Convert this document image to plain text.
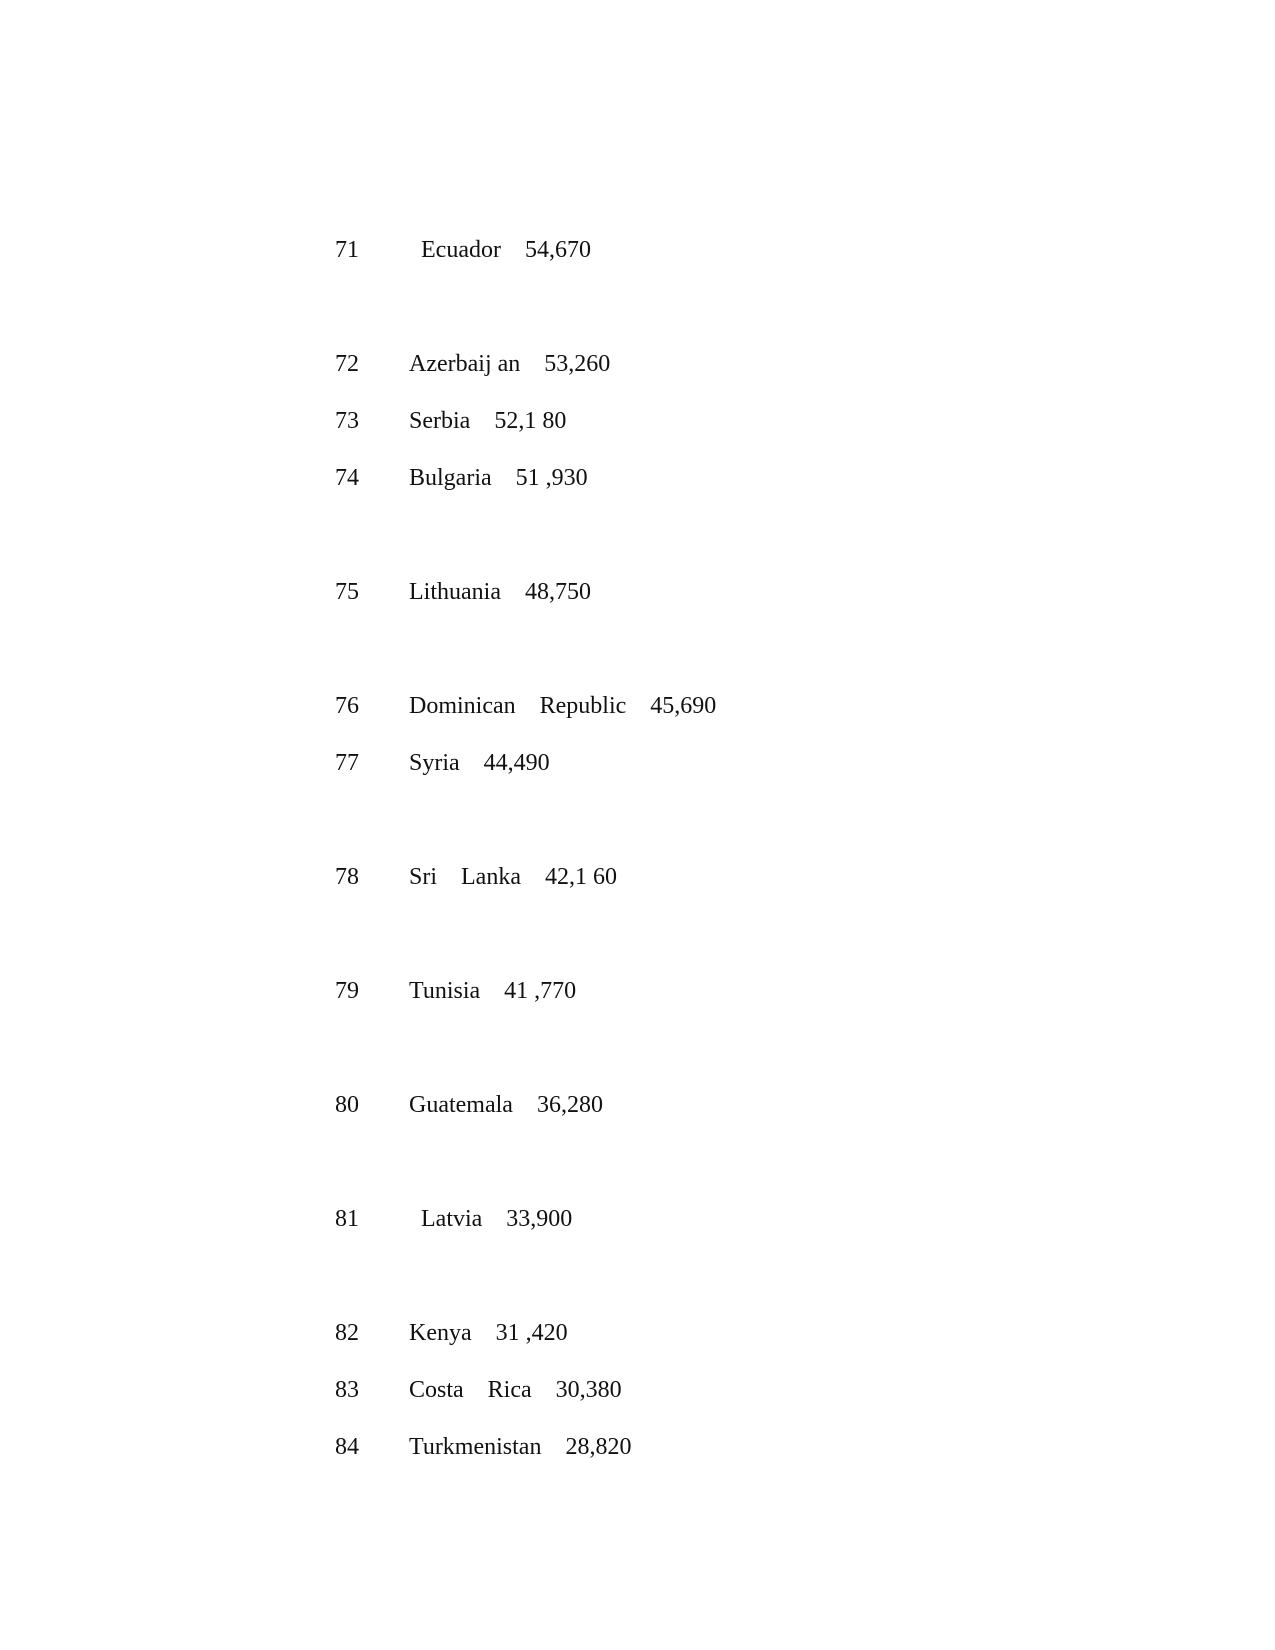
71

	Ecuador    54,670

72

Azerbaij an    53,260

73

Serbia    52,1 80

74

Bulgaria    51 ,930

75

Lithuania    48,750

76

Dominican    Republic    45,690

77

Syria    44,490

78

Sri    Lanka    42,1 60

79

Tunisia    41 ,770

80

Guatemala    36,280

81

	Latvia    33,900

82

Kenya    31 ,420

83

Costa    Rica    30,380

84

Turkmenistan    28,820
